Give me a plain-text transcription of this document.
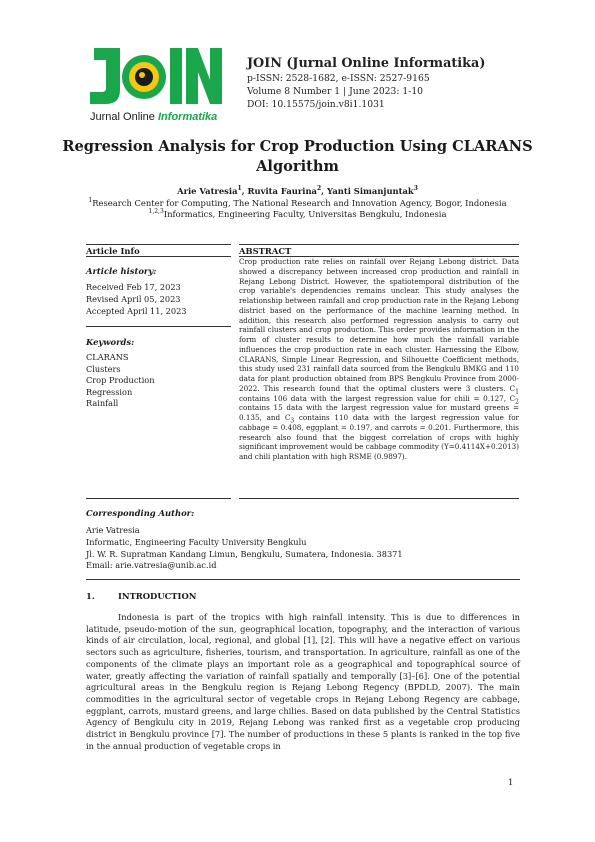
Jurnal Online Informatika
JOIN (Jurnal Online Informatika)
p-ISSN: 2528-1682, e-ISSN: 2527-9165
Volume 8 Number 1 | June 2023: 1-10
DOI: 10.15575/join.v8i1.1031
Regression Analysis for Crop Production Using CLARANS
Algorithm
Arie Vatresia$^1$, Ruvita Faurina$^2$, Yanti Simanjuntak$^3$
$^1$Research Center for Computing, The National Research and Innovation Agency, Bogor, Indonesia
$^{1,2,3}$Informatics, Engineering Faculty, Universitas Bengkulu, Indonesia
Article Info	ABSTRACT
Article history:
Received Feb 17, 2023
Revised April 05, 2023
Accepted April 11, 2023
Keywords:
CLARANS
Clusters
Crop Production
Regression
Rainfall
Crop production rate relies on rainfall over Rejang Lebong district. Data showed a discrepancy between increased crop production and rainfall in Rejang Lebong District. However, the spatiotemporal distribution of the crop variable's dependencies remains unclear. This study analyses the relationship between rainfall and crop production rate in the Rejang Lebong district based on the performance of the machine learning method. In addition, this research also performed regression analysis to carry out rainfall clusters and crop production. This order provides information in the form of cluster results to determine how much the rainfall variable influences the crop production rate in each cluster. Harnessing the Elbow, CLARANS, Simple Linear Regression, and Silhouette Coefficient methods, this study used 231 rainfall data sourced from the Bengkulu BMKG and 110 data for plant production obtained from BPS Bengkulu Province from 2000-2022. This research found that the optimal clusters were 3 clusters. $C_1$ contains 106 data with the largest regression value for chili = 0.127, $C_2$ contains 15 data with the largest regression value for mustard greens = 0.135, and $C_3$ contains 110 data with the largest regression value for cabbage = 0.408, eggplant = 0.197, and carrots = 0.201. Furthermore, this research also found that the biggest correlation of crops with highly significant improvement would be cabbage commodity (Y=0.4114X+0.2013) and chili plantation with high RSME (0.9897).
Corresponding Author:
Arie Vatresia
Informatic, Engineering Faculty University Bengkulu
Jl. W. R. Supratman Kandang Limun, Bengkulu, Sumatera, Indonesia. 38371
Email: arie.vatresia@unib.ac.id
1.	INTRODUCTION
Indonesia is part of the tropics with high rainfall intensity. This is due to differences in latitude, pseudo-motion of the sun, geographical location, topography, and the interaction of various kinds of air circulation, local, regional, and global [1], [2]. This will have a negative effect on various sectors such as agriculture, fisheries, tourism, and transportation. In agriculture, rainfall as one of the components of the climate plays an important role as a geographical and topographical source of water, greatly affecting the variation of rainfall spatially and temporally [3]–[6]. One of the potential agricultural areas in the Bengkulu region is Rejang Lebong Regency (BPDLD, 2007). The main commodities in the agricultural sector of vegetable crops in Rejang Lebong Regency are cabbage, eggplant, carrots, mustard greens, and large chilies. Based on data published by the Central Statistics Agency of Bengkulu city in 2019, Rejang Lebong was ranked first as a vegetable crop producing district in Bengkulu province [7]. The number of productions in these 5 plants is ranked in the top five in the annual production of vegetable crops in
1
